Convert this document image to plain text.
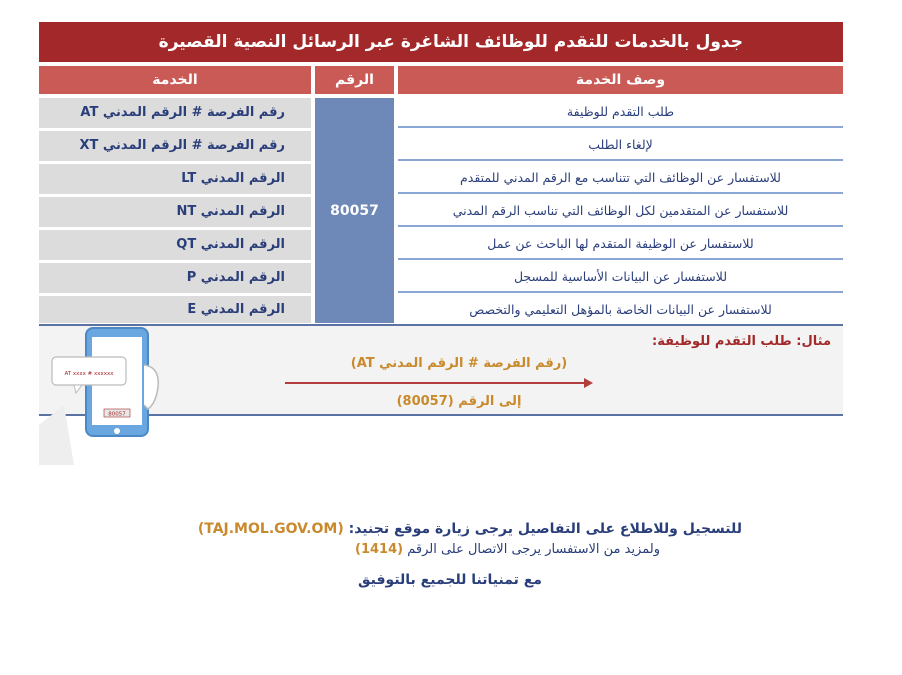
جدول بالخدمات للتقدم للوظائف الشاغرة عبر الرسائل النصية القصيرة
الخدمة	الرقم	وصف الخدمة
80057
رقم الفرصة # الرقم المدني AT
رقم الفرصة # الرقم المدني XT
الرقم المدني LT
الرقم المدني NT
الرقم المدني QT
الرقم المدني P
الرقم المدني E
طلب التقدم للوظيفة
لإلغاء الطلب
للاستفسار عن الوظائف التي تتناسب مع الرقم المدني للمتقدم
للاستفسار عن المتقدمين لكل الوظائف التي تناسب الرقم المدني
للاستفسار عن الوظيفة المتقدم لها الباحث عن عمل
للاستفسار عن البيانات الأساسية للمسجل
للاستفسار عن البيانات الخاصة بالمؤهل التعليمي والتخصص
مثال: طلب التقدم للوظيفة:
(رقم الفرصة # الرقم المدني AT)
إلى الرقم (80057)
AT xxxx # xxxxxx
80057
للتسجيل وللاطلاع على التفاصيل يرجى زيارة موقع تجنيد: (TAJ.MOL.GOV.OM)
ولمزيد من الاستفسار يرجى الاتصال على الرقم (1414)
مع تمنياتنا للجميع بالتوفيق
